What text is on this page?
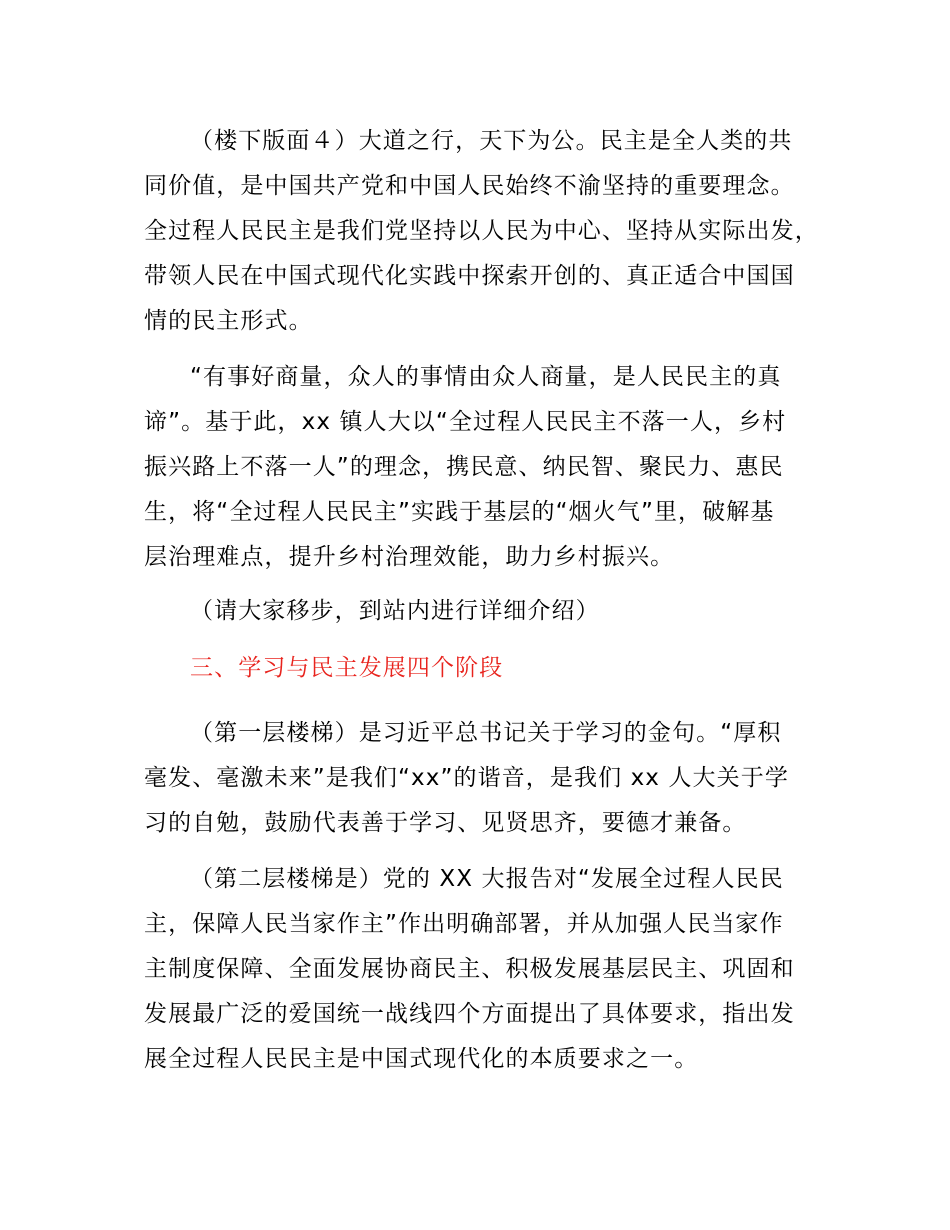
（楼下版面４）大道之行，天下为公。民主是全人类的共
同价值，是中国共产党和中国人民始终不渝坚持的重要理念。
全过程人民民主是我们党坚持以人民为中心、坚持从实际出发，
带领人民在中国式现代化实践中探索开创的、真正适合中国国
情的民主形式。
“有事好商量，众人的事情由众人商量，是人民民主的真
谛”。基于此，xx 镇人大以“全过程人民民主不落一人，乡村
振兴路上不落一人”的理念，携民意、纳民智、聚民力、惠民
生，将“全过程人民民主”实践于基层的“烟火气”里，破解基
层治理难点，提升乡村治理效能，助力乡村振兴。
（请大家移步，到站内进行详细介绍）
三、学习与民主发展四个阶段
（第一层楼梯）是习近平总书记关于学习的金句。“厚积
毫发、毫激未来”是我们“xx”的谐音，是我们 xx 人大关于学
习的自勉，鼓励代表善于学习、见贤思齐，要德才兼备。
（第二层楼梯是）党的 XX 大报告对“发展全过程人民民
主，保障人民当家作主”作出明确部署，并从加强人民当家作
主制度保障、全面发展协商民主、积极发展基层民主、巩固和
发展最广泛的爱国统一战线四个方面提出了具体要求，指出发
展全过程人民民主是中国式现代化的本质要求之一。
